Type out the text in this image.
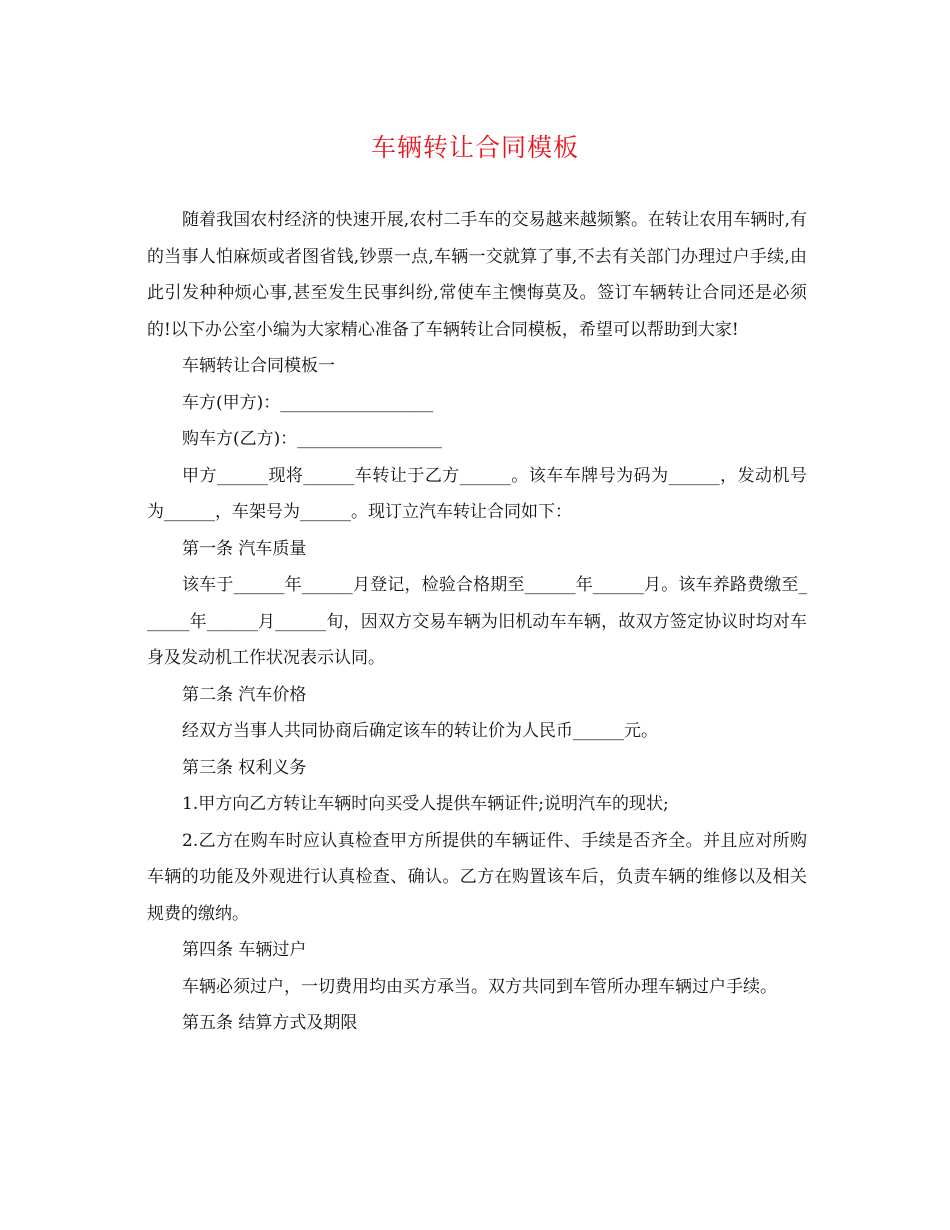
车辆转让合同模板

随着我国农村经济的快速开展,农村二手车的交易越来越频繁。在转让农用车辆时,有的当事人怕麻烦或者图省钱,钞票一点,车辆一交就算了事,不去有关部门办理过户手续,由此引发种种烦心事,甚至发生民事纠纷,常使车主懊悔莫及。签订车辆转让合同还是必须的!以下办公室小编为大家精心准备了车辆转让合同模板，希望可以帮助到大家!

车辆转让合同模板一

车方(甲方)：__________________

购车方(乙方)：_________________

甲方______现将______车转让于乙方______。该车车牌号为码为______，发动机号为______，车架号为______。现订立汽车转让合同如下：

第一条 汽车质量

该车于______年______月登记，检验合格期至______年______月。该车养路费缴至______年______月______旬，因双方交易车辆为旧机动车车辆，故双方签定协议时均对车身及发动机工作状况表示认同。

第二条 汽车价格

经双方当事人共同协商后确定该车的转让价为人民币______元。

第三条 权利义务

1.甲方向乙方转让车辆时向买受人提供车辆证件;说明汽车的现状;

2.乙方在购车时应认真检查甲方所提供的车辆证件、手续是否齐全。并且应对所购车辆的功能及外观进行认真检查、确认。乙方在购置该车后，负责车辆的维修以及相关规费的缴纳。

第四条 车辆过户

车辆必须过户，一切费用均由买方承当。双方共同到车管所办理车辆过户手续。

第五条 结算方式及期限
